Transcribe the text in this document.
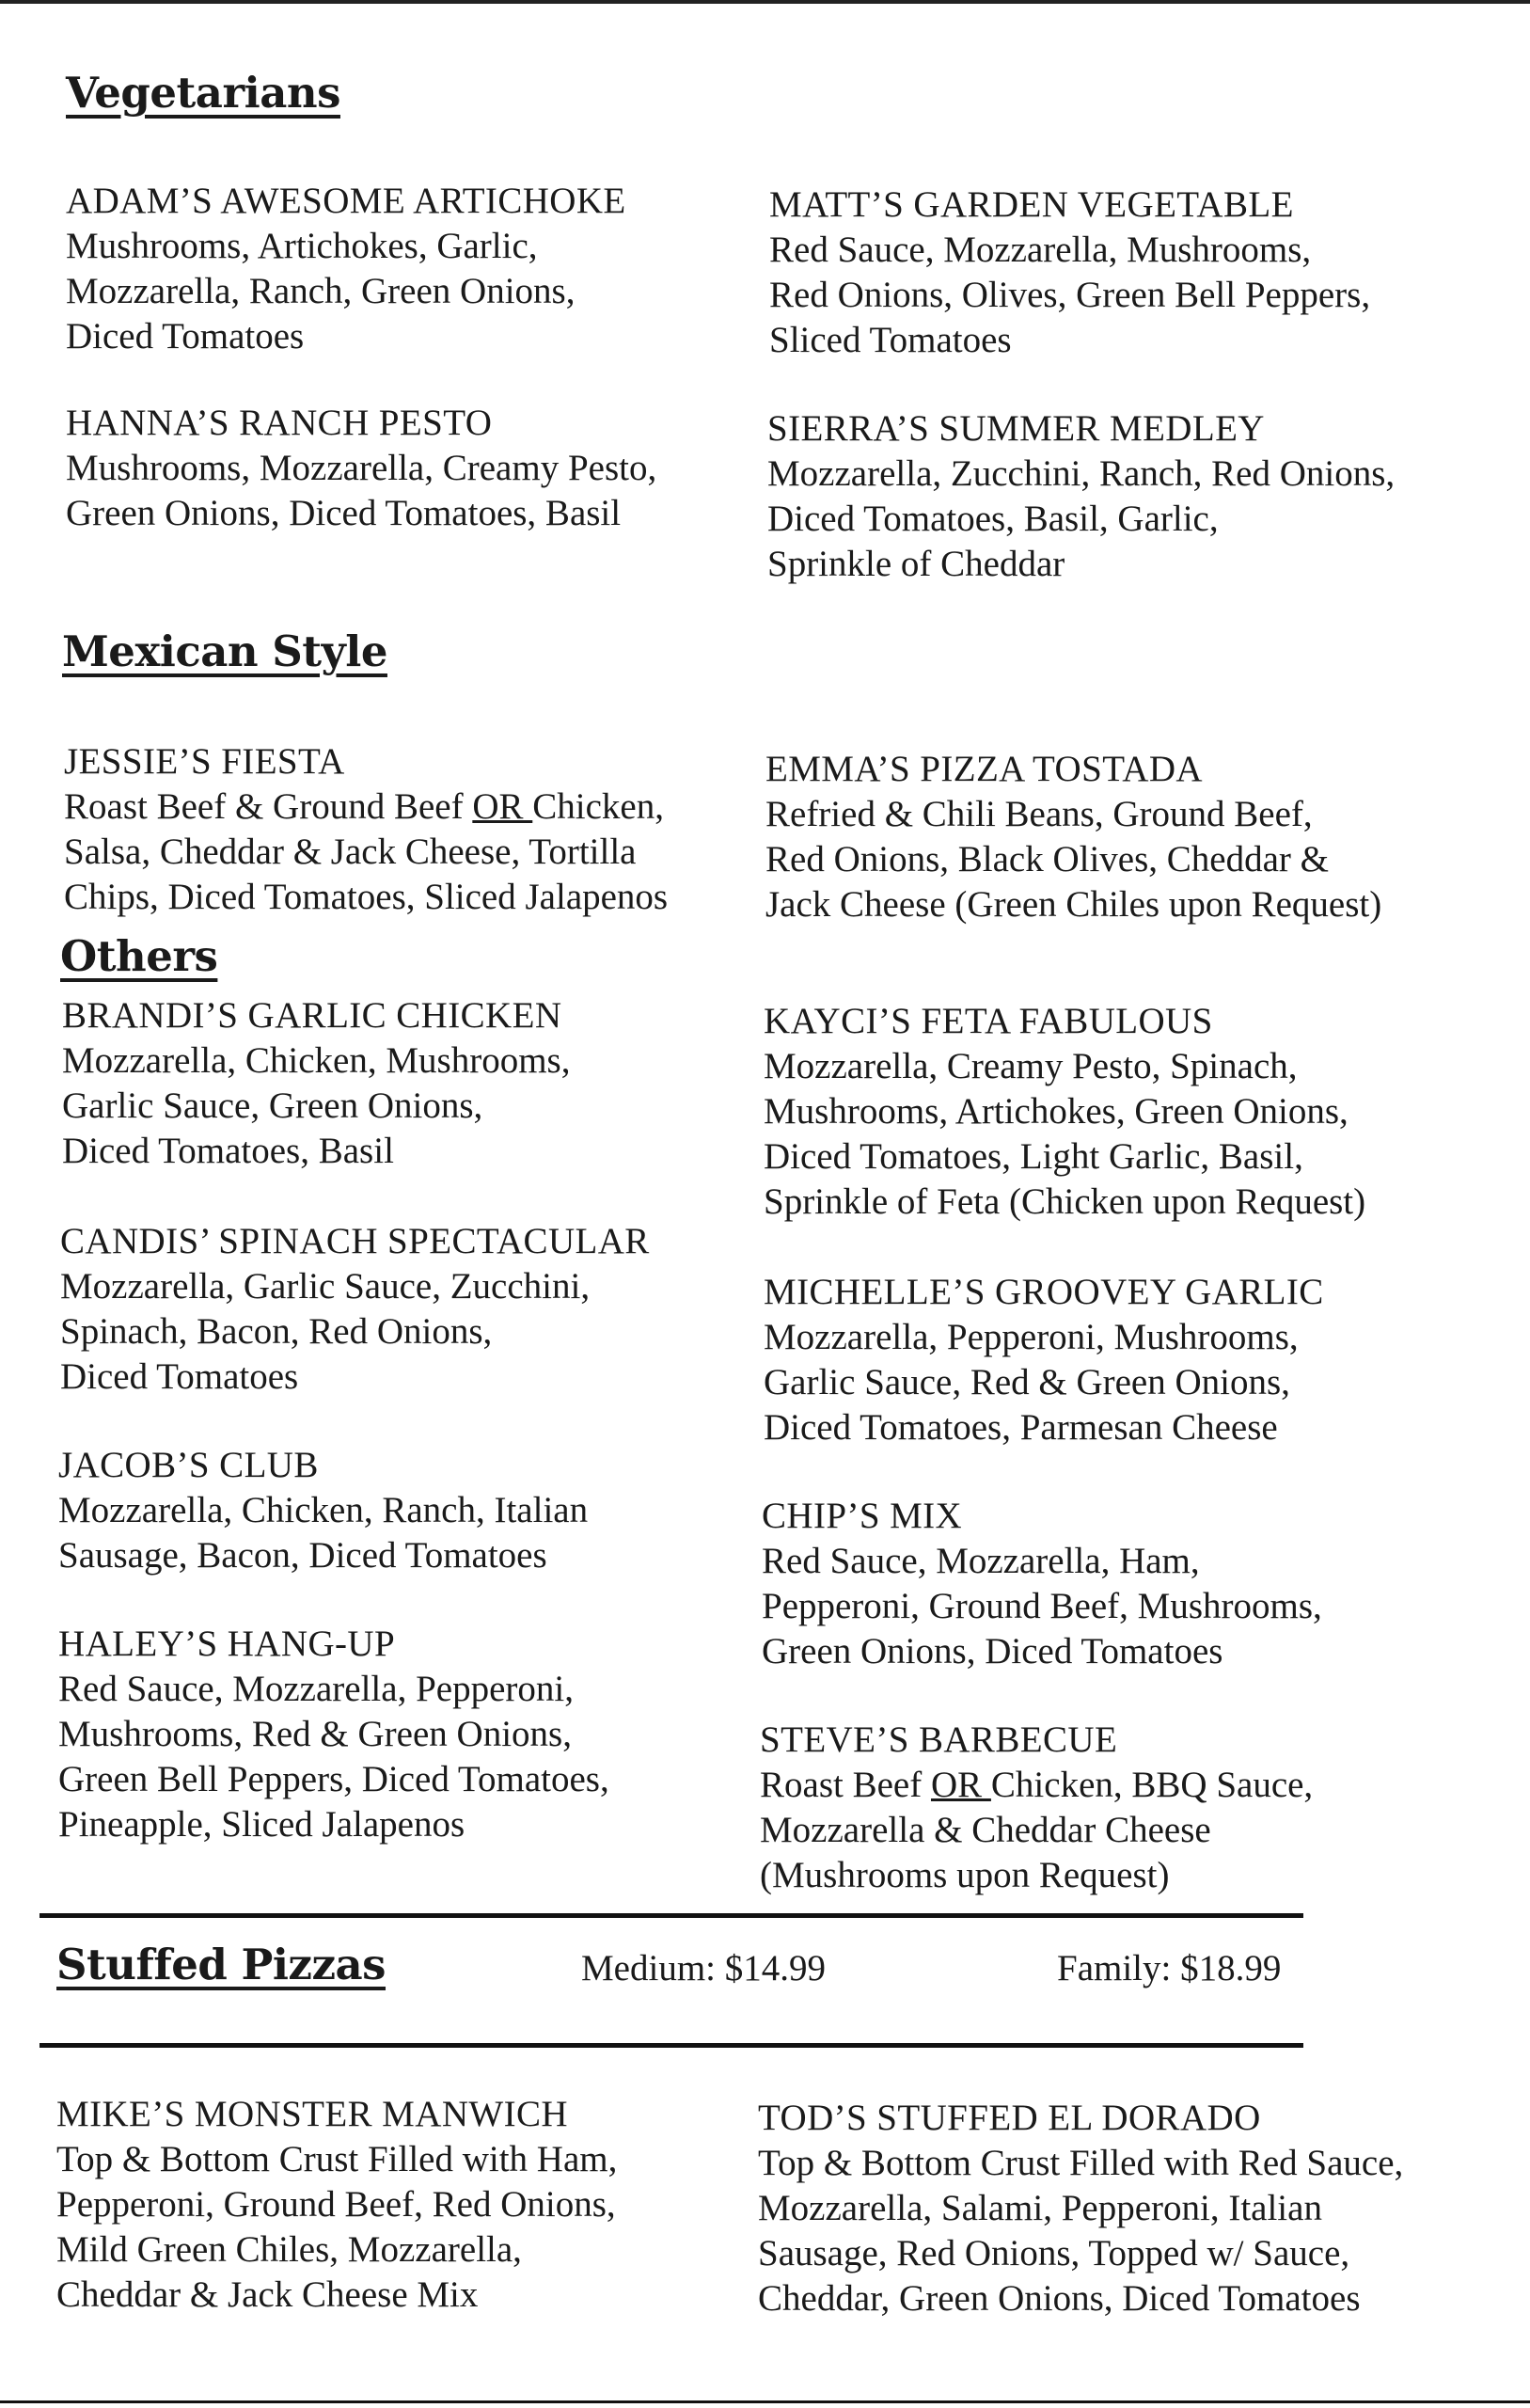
Vegetarians
Mexican Style
Others
Stuffed Pizzas
ADAM’S AWESOME ARTICHOKE
Mushrooms, Artichokes, Garlic,
Mozzarella, Ranch, Green Onions,
Diced Tomatoes
MATT’S GARDEN VEGETABLE
Red Sauce, Mozzarella, Mushrooms,
Red Onions, Olives, Green Bell Peppers,
Sliced Tomatoes
HANNA’S RANCH PESTO
Mushrooms, Mozzarella, Creamy Pesto,
Green Onions, Diced Tomatoes, Basil
SIERRA’S SUMMER MEDLEY
Mozzarella, Zucchini, Ranch, Red Onions,
Diced Tomatoes, Basil, Garlic,
Sprinkle of Cheddar
JESSIE’S FIESTA
Roast Beef & Ground Beef OR Chicken,
Salsa, Cheddar & Jack Cheese, Tortilla
Chips, Diced Tomatoes, Sliced Jalapenos
EMMA’S PIZZA TOSTADA
Refried & Chili Beans, Ground Beef,
Red Onions, Black Olives, Cheddar &
Jack Cheese (Green Chiles upon Request)
BRANDI’S GARLIC CHICKEN
Mozzarella, Chicken, Mushrooms,
Garlic Sauce, Green Onions,
Diced Tomatoes, Basil
KAYCI’S FETA FABULOUS
Mozzarella, Creamy Pesto, Spinach,
Mushrooms, Artichokes, Green Onions,
Diced Tomatoes, Light Garlic, Basil,
Sprinkle of Feta (Chicken upon Request)
CANDIS’ SPINACH SPECTACULAR
Mozzarella, Garlic Sauce, Zucchini,
Spinach, Bacon, Red Onions,
Diced Tomatoes
MICHELLE’S GROOVEY GARLIC
Mozzarella, Pepperoni, Mushrooms,
Garlic Sauce, Red & Green Onions,
Diced Tomatoes, Parmesan Cheese
JACOB’S CLUB
Mozzarella, Chicken, Ranch, Italian
Sausage, Bacon, Diced Tomatoes
CHIP’S MIX
Red Sauce, Mozzarella, Ham,
Pepperoni, Ground Beef, Mushrooms,
Green Onions, Diced Tomatoes
HALEY’S HANG-UP
Red Sauce, Mozzarella, Pepperoni,
Mushrooms, Red & Green Onions,
Green Bell Peppers, Diced Tomatoes,
Pineapple, Sliced Jalapenos
STEVE’S BARBECUE
Roast Beef OR Chicken, BBQ Sauce,
Mozzarella & Cheddar Cheese
(Mushrooms upon Request)
Medium: $14.99	Family: $18.99
MIKE’S MONSTER MANWICH
Top & Bottom Crust Filled with Ham,
Pepperoni, Ground Beef, Red Onions,
Mild Green Chiles, Mozzarella,
Cheddar & Jack Cheese Mix
TOD’S STUFFED EL DORADO
Top & Bottom Crust Filled with Red Sauce,
Mozzarella, Salami, Pepperoni, Italian
Sausage, Red Onions, Topped w/ Sauce,
Cheddar, Green Onions, Diced Tomatoes
